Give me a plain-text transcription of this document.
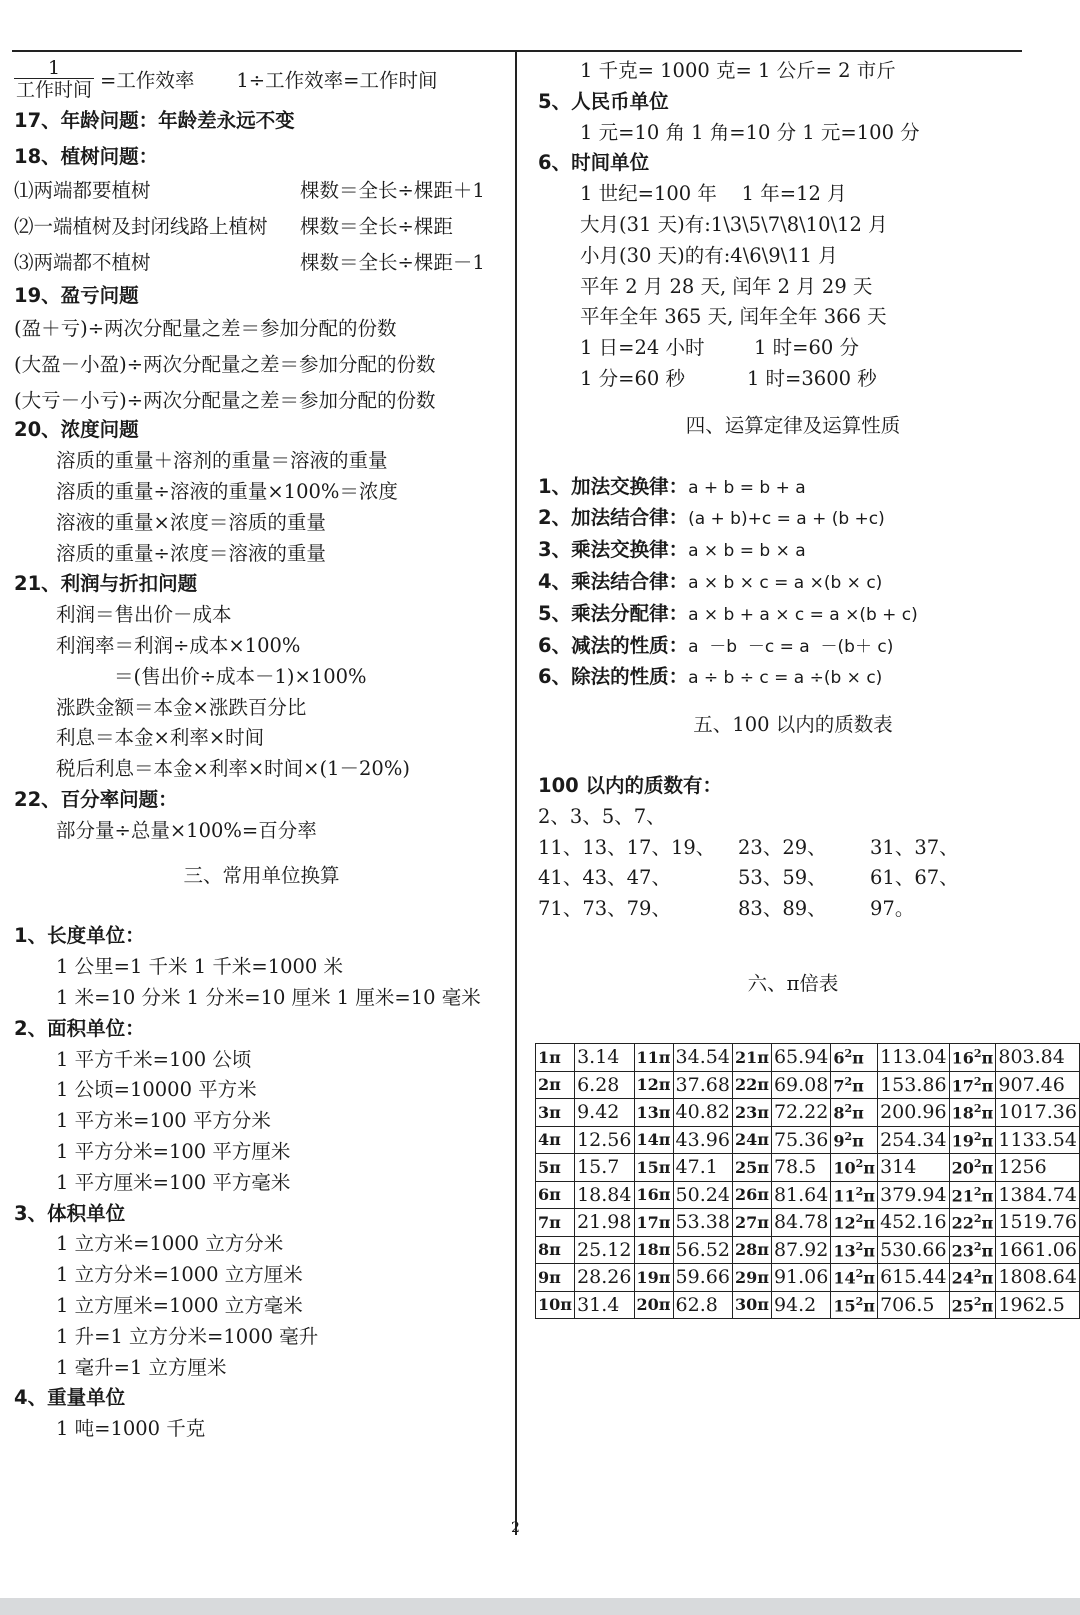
$\frac{1}{\text{工作时间}}$ =工作效率 1÷工作效率=工作时间
17、年龄问题：年龄差永远不变
18、植树问题：
⑴两端都要植树	棵数＝全长÷棵距＋1
⑵一端植树及封闭线路上植树	棵数＝全长÷棵距
⑶两端都不植树	棵数＝全长÷棵距－1
19、盈亏问题
(盈＋亏)÷两次分配量之差＝参加分配的份数
(大盈－小盈)÷两次分配量之差＝参加分配的份数
(大亏－小亏)÷两次分配量之差＝参加分配的份数
20、浓度问题
溶质的重量＋溶剂的重量＝溶液的重量
溶质的重量÷溶液的重量×100%＝浓度
溶液的重量×浓度＝溶质的重量
溶质的重量÷浓度＝溶液的重量
21、利润与折扣问题
利润＝售出价－成本
利润率＝利润÷成本×100%
＝(售出价÷成本－1)×100%
涨跌金额＝本金×涨跌百分比
利息＝本金×利率×时间
税后利息＝本金×利率×时间×(1－20%)
22、百分率问题：
部分量÷总量×100%=百分率
三、常用单位换算
1、长度单位：
1 公里=1 千米 1 千米=1000 米
1 米=10 分米 1 分米=10 厘米 1 厘米=10 毫米
2、面积单位：
1 平方千米=100 公顷
1 公顷=10000 平方米
1 平方米=100 平方分米
1 平方分米=100 平方厘米
1 平方厘米=100 平方毫米
3、体积单位
1 立方米=1000 立方分米
1 立方分米=1000 立方厘米
1 立方厘米=1000 立方毫米
1 升=1 立方分米=1000 毫升
1 毫升=1 立方厘米
4、重量单位
1 吨=1000 千克
1 千克= 1000 克= 1 公斤= 2 市斤
5、人民币单位
1 元=10 角 1 角=10 分 1 元=100 分
6、时间单位
1 世纪=100 年    1 年=12 月
大月(31 天)有:1\3\5\7\8\10\12 月
小月(30 天)的有:4\6\9\11 月
平年 2 月 28 天, 闰年 2 月 29 天
平年全年 365 天, 闰年全年 366 天
1 日=24 小时        1 时=60 分
1 分=60 秒          1 时=3600 秒
四、运算定律及运算性质
1、加法交换律：a + b = b + a
2、加法结合律：(a + b)+c = a + (b +c)
3、乘法交换律：a × b = b × a
4、乘法结合律：a × b × c = a ×(b × c)
5、乘法分配律：a × b + a × c = a ×(b + c)
6、减法的性质：a  －b  －c = a  －(b＋ c)
6、除法的性质：a ÷ b ÷ c = a ÷(b × c)
五、100 以内的质数表
100 以内的质数有：
2、3、5、7、
11、13、17、19、	23、29、	31、37、
41、43、47、	53、59、	61、67、
71、73、79、	83、89、	97。
六、π倍表
1π	3.14	11π	34.54	21π	65.94	$6^2\pi$	113.04	$16^2\pi$	803.84
2π	6.28	12π	37.68	22π	69.08	$7^2\pi$	153.86	$17^2\pi$	907.46
3π	9.42	13π	40.82	23π	72.22	$8^2\pi$	200.96	$18^2\pi$	1017.36
4π	12.56	14π	43.96	24π	75.36	$9^2\pi$	254.34	$19^2\pi$	1133.54
5π	15.7	15π	47.1	25π	78.5	$10^2\pi$	314	$20^2\pi$	1256
6π	18.84	16π	50.24	26π	81.64	$11^2\pi$	379.94	$21^2\pi$	1384.74
7π	21.98	17π	53.38	27π	84.78	$12^2\pi$	452.16	$22^2\pi$	1519.76
8π	25.12	18π	56.52	28π	87.92	$13^2\pi$	530.66	$23^2\pi$	1661.06
9π	28.26	19π	59.66	29π	91.06	$14^2\pi$	615.44	$24^2\pi$	1808.64
10π	31.4	20π	62.8	30π	94.2	$15^2\pi$	706.5	$25^2\pi$	1962.5
2
